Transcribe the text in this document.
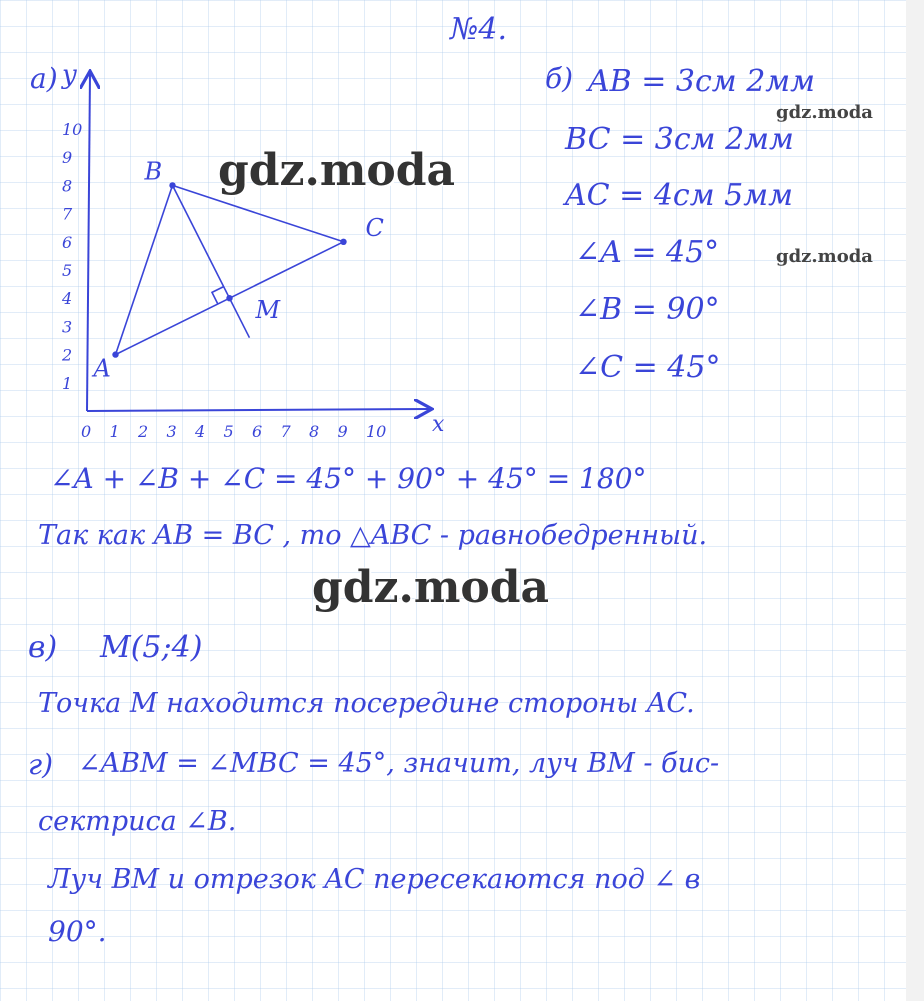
№4.
gdz.moda
gdz.moda
gdz.moda
gdz.moda
а)
1
2
3
4
5
6
7
8
9
10
0 1 2 3 4 5 6 7 8 9 10
A
B
C
M
y
x
б) AB = 3см 2мм
BC = 3см 2мм
AC = 4см 5мм
∠A = 45°
∠B = 90°
∠C = 45°
∠A + ∠B + ∠C = 45° + 90° + 45° = 180°
Так как AB = BC , то △ABC - равнобедренный.
в) M(5;4)
Точка M находится посередине стороны AC.
г) ∠ABM = ∠MBC = 45°, значит, луч BM - бис-
сектриса ∠B.
Луч BM и отрезок AC пересекаются под ∠ в
90°.
